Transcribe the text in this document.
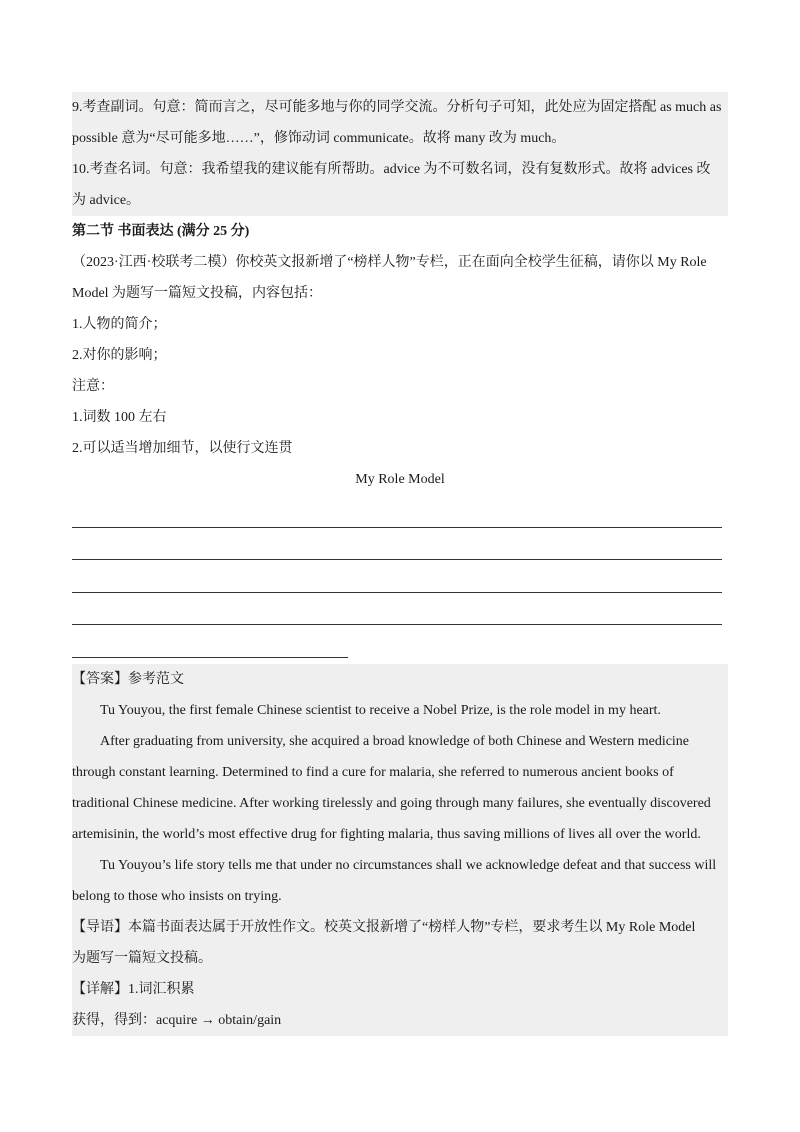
9.考查副词。句意：简而言之，尽可能多地与你的同学交流。分析句子可知，此处应为固定搭配 as much as
possible 意为“尽可能多地……”，修饰动词 communicate。故将 many 改为 much。
10.考查名词。句意：我希望我的建议能有所帮助。advice 为不可数名词，没有复数形式。故将 advices 改
为 advice。
第二节 书面表达 (满分 25 分)
（2023·江西·校联考二模）你校英文报新增了“榜样人物”专栏，正在面向全校学生征稿，请你以 My Role
Model 为题写一篇短文投稿，内容包括：
1.人物的简介；
2.对你的影响；
注意：
1.词数 100 左右
2.可以适当增加细节，以使行文连贯
My Role Model
【答案】参考范文
Tu Youyou, the first female Chinese scientist to receive a Nobel Prize, is the role model in my heart.
After graduating from university, she acquired a broad knowledge of both Chinese and Western medicine
through constant learning. Determined to find a cure for malaria, she referred to numerous ancient books of
traditional Chinese medicine. After working tirelessly and going through many failures, she eventually discovered
artemisinin, the world’s most effective drug for fighting malaria, thus saving millions of lives all over the world.
Tu Youyou’s life story tells me that under no circumstances shall we acknowledge defeat and that success will
belong to those who insists on trying.
【导语】本篇书面表达属于开放性作文。校英文报新增了“榜样人物”专栏，要求考生以 My Role Model
为题写一篇短文投稿。
【详解】1.词汇积累
获得，得到：acquire → obtain/gain
